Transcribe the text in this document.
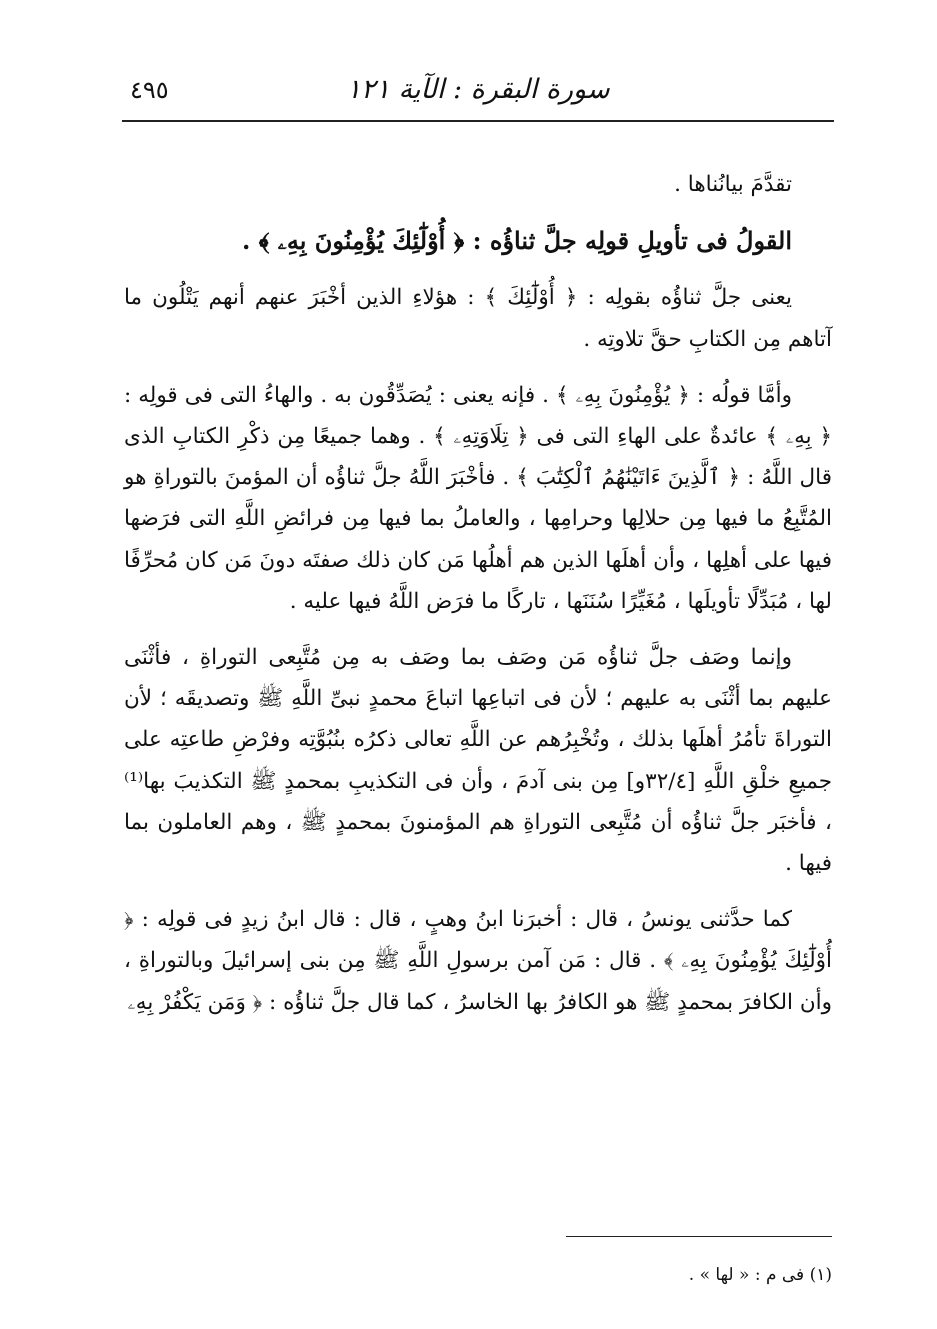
سورة البقرة : الآية ١٢١
٤٩٥

تقدَّمَ بيانُناها .

القولُ فى تأويلِ قولِه جلَّ ثناؤُه : ﴿ أُوْلَٰٓئِكَ يُؤْمِنُونَ بِهِۦ ﴾ .

يعنى جلَّ ثناؤُه بقولِه : ﴿ أُوْلَٰٓئِكَ ﴾ : هؤلاءِ الذين أخْبَرَ عنهم أنهم يَتْلُون ما آتاهم مِن الكتابِ حقَّ تلاوتِه .

وأمَّا قولُه : ﴿ يُؤْمِنُونَ بِهِۦ ﴾ . فإنه يعنى : يُصَدِّقُون به . والهاءُ التى فى قولِه : ﴿ بِهِۦ ﴾ عائدةٌ على الهاءِ التى فى ﴿ تِلَاوَتِهِۦ ﴾ . وهما جميعًا مِن ذكْرِ الكتابِ الذى قال اللَّهُ : ﴿ ٱلَّذِينَ ءَاتَيْنَٰهُمُ ٱلْكِتَٰبَ ﴾ . فأخْبَرَ اللَّهُ جلَّ ثناؤُه أن المؤمنَ بالتوراةِ هو المُتَّبِعُ ما فيها مِن حلالِها وحرامِها ، والعاملُ بما فيها مِن فرائضِ اللَّهِ التى فرَضها فيها على أهلِها ، وأن أهلَها الذين هم أهلُها مَن كان ذلك صفتَه دونَ مَن كان مُحرِّفًا لها ، مُبَدِّلًا تأويلَها ، مُغَيِّرًا سُنَنَها ، تاركًا ما فرَض اللَّهُ فيها عليه .

وإنما وصَف جلَّ ثناؤُه مَن وصَف بما وصَف به مِن مُتَّبِعى التوراةِ ، فأثْنَى عليهم بما أثْنَى به عليهم ؛ لأن فى اتباعِها اتباعَ محمدٍ نبىِّ اللَّهِ ﷺ وتصديقَه ؛ لأن التوراةَ تأمُرُ أهلَها بذلك ، وتُخْبِرُهم عن اللَّهِ تعالى ذكرُه بنُبُوَّتِه وفرْضِ طاعتِه على جميعِ خلْقِ اللَّهِ [٣٢/٤و] مِن بنى آدمَ ، وأن فى التكذيبِ بمحمدٍ ﷺ التكذيبَ بها⁽¹⁾ ، فأخبَر جلَّ ثناؤُه أن مُتَّبِعى التوراةِ هم المؤمنونَ بمحمدٍ ﷺ ، وهم العاملون بما فيها .

كما حدَّثنى يونسُ ، قال : أخبرَنا ابنُ وهبٍ ، قال : قال ابنُ زيدٍ فى قولِه : ﴿ أُوْلَٰٓئِكَ يُؤْمِنُونَ بِهِۦ ﴾ . قال : مَن آمن برسولِ اللَّهِ ﷺ مِن بنى إسرائيلَ وبالتوراةِ ، وأن الكافرَ بمحمدٍ ﷺ هو الكافرُ بها الخاسرُ ، كما قال جلَّ ثناؤُه : ﴿ وَمَن يَكْفُرْ بِهِۦ

(١) فى م : « لها » .
